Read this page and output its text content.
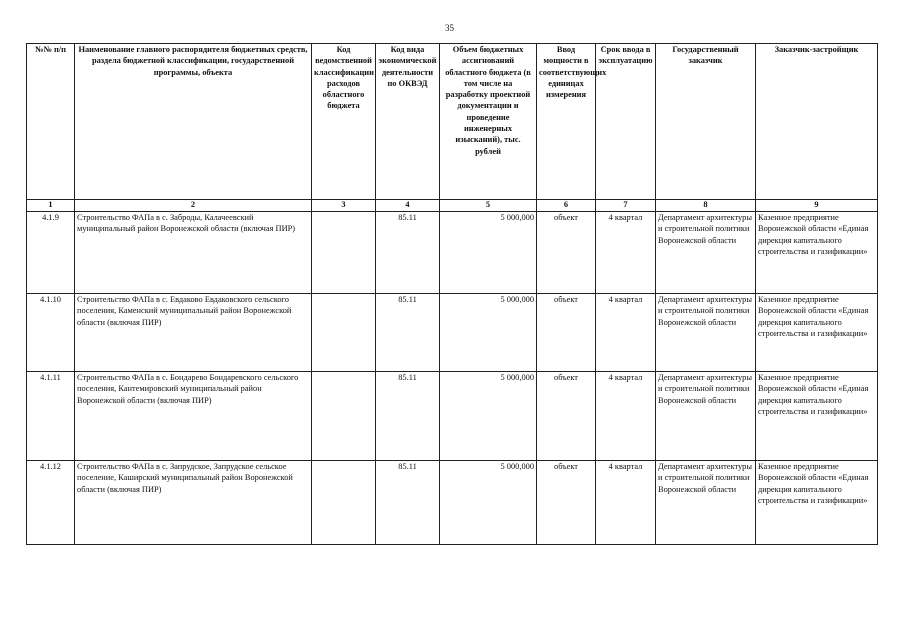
35
№№ п/п	Наименование главного распорядителя бюджетных средств, раздела бюджетной классификации, государственной программы, объекта	Код ведомственной классификации расходов областного бюджета	Код вида экономической деятельности по ОКВЭД	Объем бюджетных ассигнований областного бюджета (в том числе на разработку проектной документации и проведение инженерных изысканий), тыс. рублей	Ввод мощности в соответствующих единицах измерения	Срок ввода в эксплуатацию	Государственный заказчик	Заказчик-застройщик
1	2	3	4	5	6	7	8	9
4.1.9	Строительство ФАПа в с. Заброды, Калачеевский муниципальный район Воронежской области (включая ПИР)		85.11	5 000,000	объект	4 квартал	Департамент архитектуры и строительной политики Воронежской области	Казенное предприятие Воронежской области «Единая дирекция капитального строительства и газификации»
4.1.10	Строительство ФАПа в с. Евдаково Евдаковского сельского поселения, Каменский муниципальный район Воронежской области (включая ПИР)		85.11	5 000,000	объект	4 квартал	Департамент архитектуры и строительной политики Воронежской области	Казенное предприятие Воронежской области «Единая дирекция капитального строительства и газификации»
4.1.11	Строительство ФАПа в с. Бондарево Бондаревского сельского поселения, Кантемировский муниципальный район Воронежской области (включая ПИР)		85.11	5 000,000	объект	4 квартал	Департамент архитектуры и строительной политики Воронежской области	Казенное предприятие Воронежской области «Единая дирекция капитального строительства и газификации»
4.1.12	Строительство ФАПа в с. Запрудское, Запрудское сельское поселение, Каширский муниципальный район Воронежской области (включая ПИР)		85.11	5 000,000	объект	4 квартал	Департамент архитектуры и строительной политики Воронежской области	Казенное предприятие Воронежской области «Единая дирекция капитального строительства и газификации»
